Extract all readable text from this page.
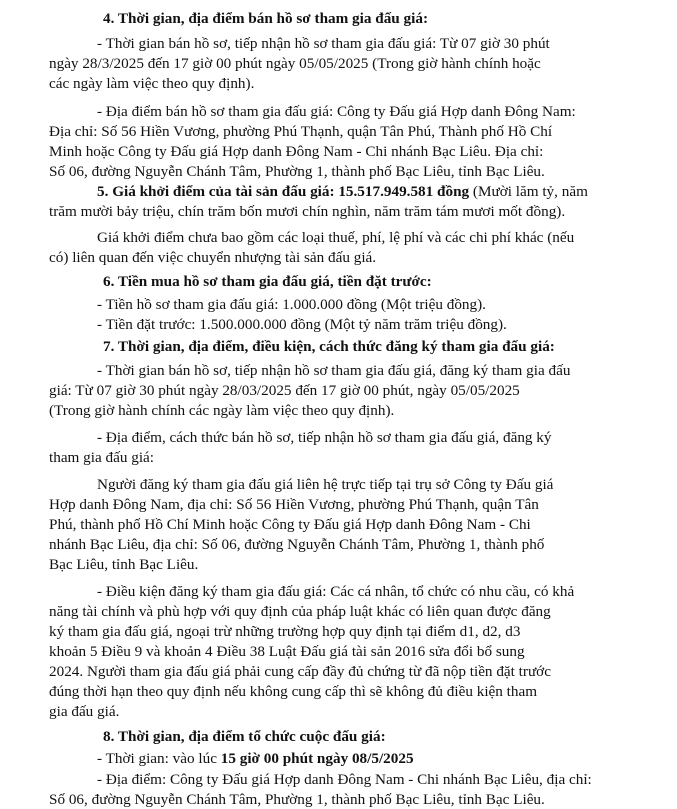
4. Thời gian, địa điểm bán hồ sơ tham gia đấu giá:

- Thời gian bán hồ sơ, tiếp nhận hồ sơ tham gia đấu giá: Từ 07 giờ 30 phút

ngày 28/3/2025 đến 17 giờ 00 phút ngày 05/05/2025 (Trong giờ hành chính hoặc

các ngày làm việc theo quy định).

- Địa điểm bán hồ sơ tham gia đấu giá: Công ty Đấu giá Hợp danh Đông Nam:

Địa chỉ: Số 56 Hiền Vương, phường Phú Thạnh, quận Tân Phú, Thành phố Hồ Chí

Minh hoặc Công ty Đấu giá Hợp danh Đông Nam - Chi nhánh Bạc Liêu. Địa chỉ:

Số 06, đường Nguyễn Chánh Tâm, Phường 1, thành phố Bạc Liêu, tỉnh Bạc Liêu.

5. Giá khởi điểm của tài sản đấu giá: 15.517.949.581 đồng (Mười lăm tỷ, năm

trăm mười bảy triệu, chín trăm bốn mươi chín nghìn, năm trăm tám mươi mốt đồng).

Giá khởi điểm chưa bao gồm các loại thuế, phí, lệ phí và các chi phí khác (nếu

có) liên quan đến việc chuyển nhượng tài sản đấu giá.

6. Tiền mua hồ sơ tham gia đấu giá, tiền đặt trước:

- Tiền hồ sơ tham gia đấu giá: 1.000.000 đồng (Một triệu đồng).

- Tiền đặt trước: 1.500.000.000 đồng (Một tỷ năm trăm triệu đồng).

7. Thời gian, địa điểm, điều kiện, cách thức đăng ký tham gia đấu giá:

- Thời gian bán hồ sơ, tiếp nhận hồ sơ tham gia đấu giá, đăng ký tham gia đấu

giá: Từ 07 giờ 30 phút ngày 28/03/2025 đến 17 giờ 00 phút, ngày 05/05/2025

(Trong giờ hành chính các ngày làm việc theo quy định).

- Địa điểm, cách thức bán hồ sơ, tiếp nhận hồ sơ tham gia đấu giá, đăng ký

tham gia đấu giá:

Người đăng ký tham gia đấu giá liên hệ trực tiếp tại trụ sở Công ty Đấu giá

Hợp danh Đông Nam, địa chỉ: Số 56 Hiền Vương, phường Phú Thạnh, quận Tân

Phú, thành phố Hồ Chí Minh hoặc Công ty Đấu giá Hợp danh Đông Nam - Chi

nhánh Bạc Liêu, địa chỉ: Số 06, đường Nguyễn Chánh Tâm, Phường 1, thành phố

Bạc Liêu, tỉnh Bạc Liêu.

- Điều kiện đăng ký tham gia đấu giá: Các cá nhân, tổ chức có nhu cầu, có khả

năng tài chính và phù hợp với quy định của pháp luật khác có liên quan được đăng

ký tham gia đấu giá, ngoại trừ những trường hợp quy định tại điểm d1, d2, d3

khoản 5 Điều 9 và khoản 4 Điều 38 Luật Đấu giá tài sản 2016 sửa đổi bổ sung

2024. Người tham gia đấu giá phải cung cấp đầy đủ chứng từ đã nộp tiền đặt trước

đúng thời hạn theo quy định nếu không cung cấp thì sẽ không đủ điều kiện tham

gia đấu giá.

8. Thời gian, địa điểm tổ chức cuộc đấu giá:

- Thời gian: vào lúc 15 giờ 00 phút ngày 08/5/2025

- Địa điểm: Công ty Đấu giá Hợp danh Đông Nam - Chi nhánh Bạc Liêu, địa chỉ:

Số 06, đường Nguyễn Chánh Tâm, Phường 1, thành phố Bạc Liêu, tỉnh Bạc Liêu.
